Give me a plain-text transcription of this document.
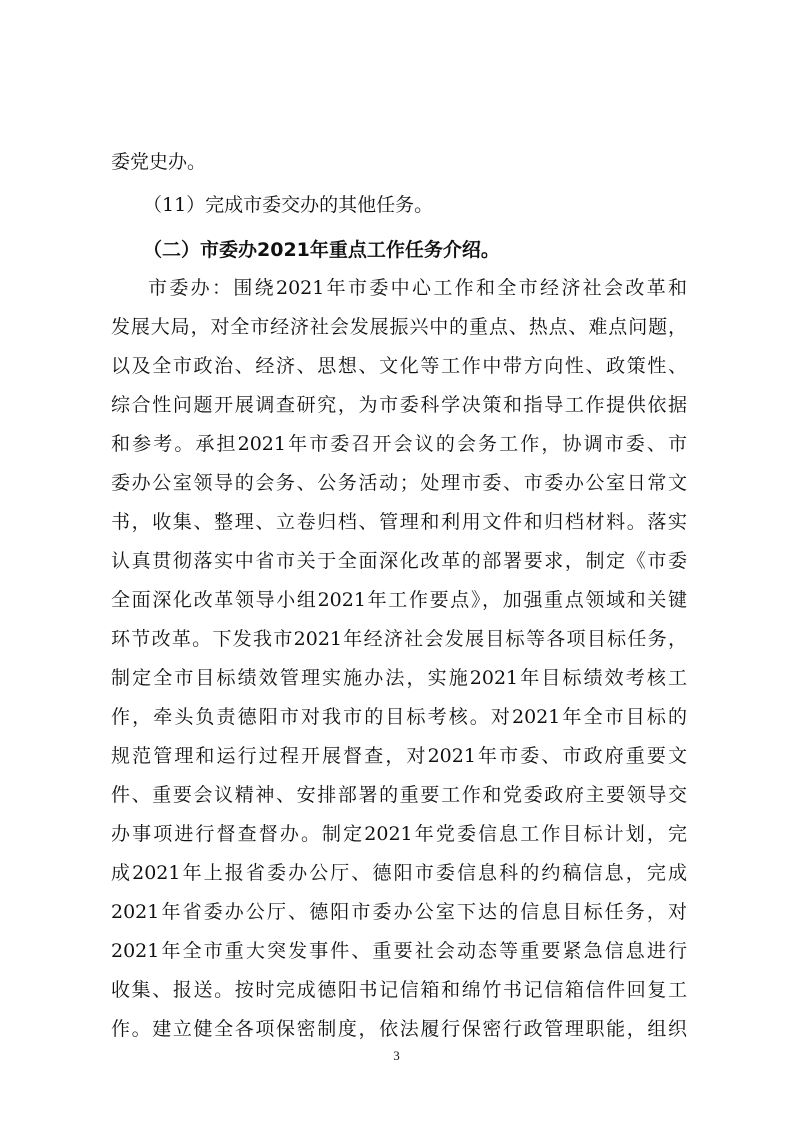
委党史办。
（11）完成市委交办的其他任务。
（二）市委办2021年重点工作任务介绍。
市委办：围绕2021年市委中心工作和全市经济社会改革和
发展大局，对全市经济社会发展振兴中的重点、热点、难点问题，
以及全市政治、经济、思想、文化等工作中带方向性、政策性、
综合性问题开展调查研究，为市委科学决策和指导工作提供依据
和参考。承担2021年市委召开会议的会务工作，协调市委、市
委办公室领导的会务、公务活动；处理市委、市委办公室日常文
书，收集、整理、立卷归档、管理和利用文件和归档材料。落实
认真贯彻落实中省市关于全面深化改革的部署要求，制定《市委
全面深化改革领导小组2021年工作要点》，加强重点领域和关键
环节改革。下发我市2021年经济社会发展目标等各项目标任务，
制定全市目标绩效管理实施办法，实施2021年目标绩效考核工
作，牵头负责德阳市对我市的目标考核。对2021年全市目标的
规范管理和运行过程开展督查，对2021年市委、市政府重要文
件、重要会议精神、安排部署的重要工作和党委政府主要领导交
办事项进行督查督办。制定2021年党委信息工作目标计划，完
成2021年上报省委办公厅、德阳市委信息科的约稿信息，完成
2021年省委办公厅、德阳市委办公室下达的信息目标任务，对
2021年全市重大突发事件、重要社会动态等重要紧急信息进行
收集、报送。按时完成德阳书记信箱和绵竹书记信箱信件回复工
作。建立健全各项保密制度，依法履行保密行政管理职能，组织
3
